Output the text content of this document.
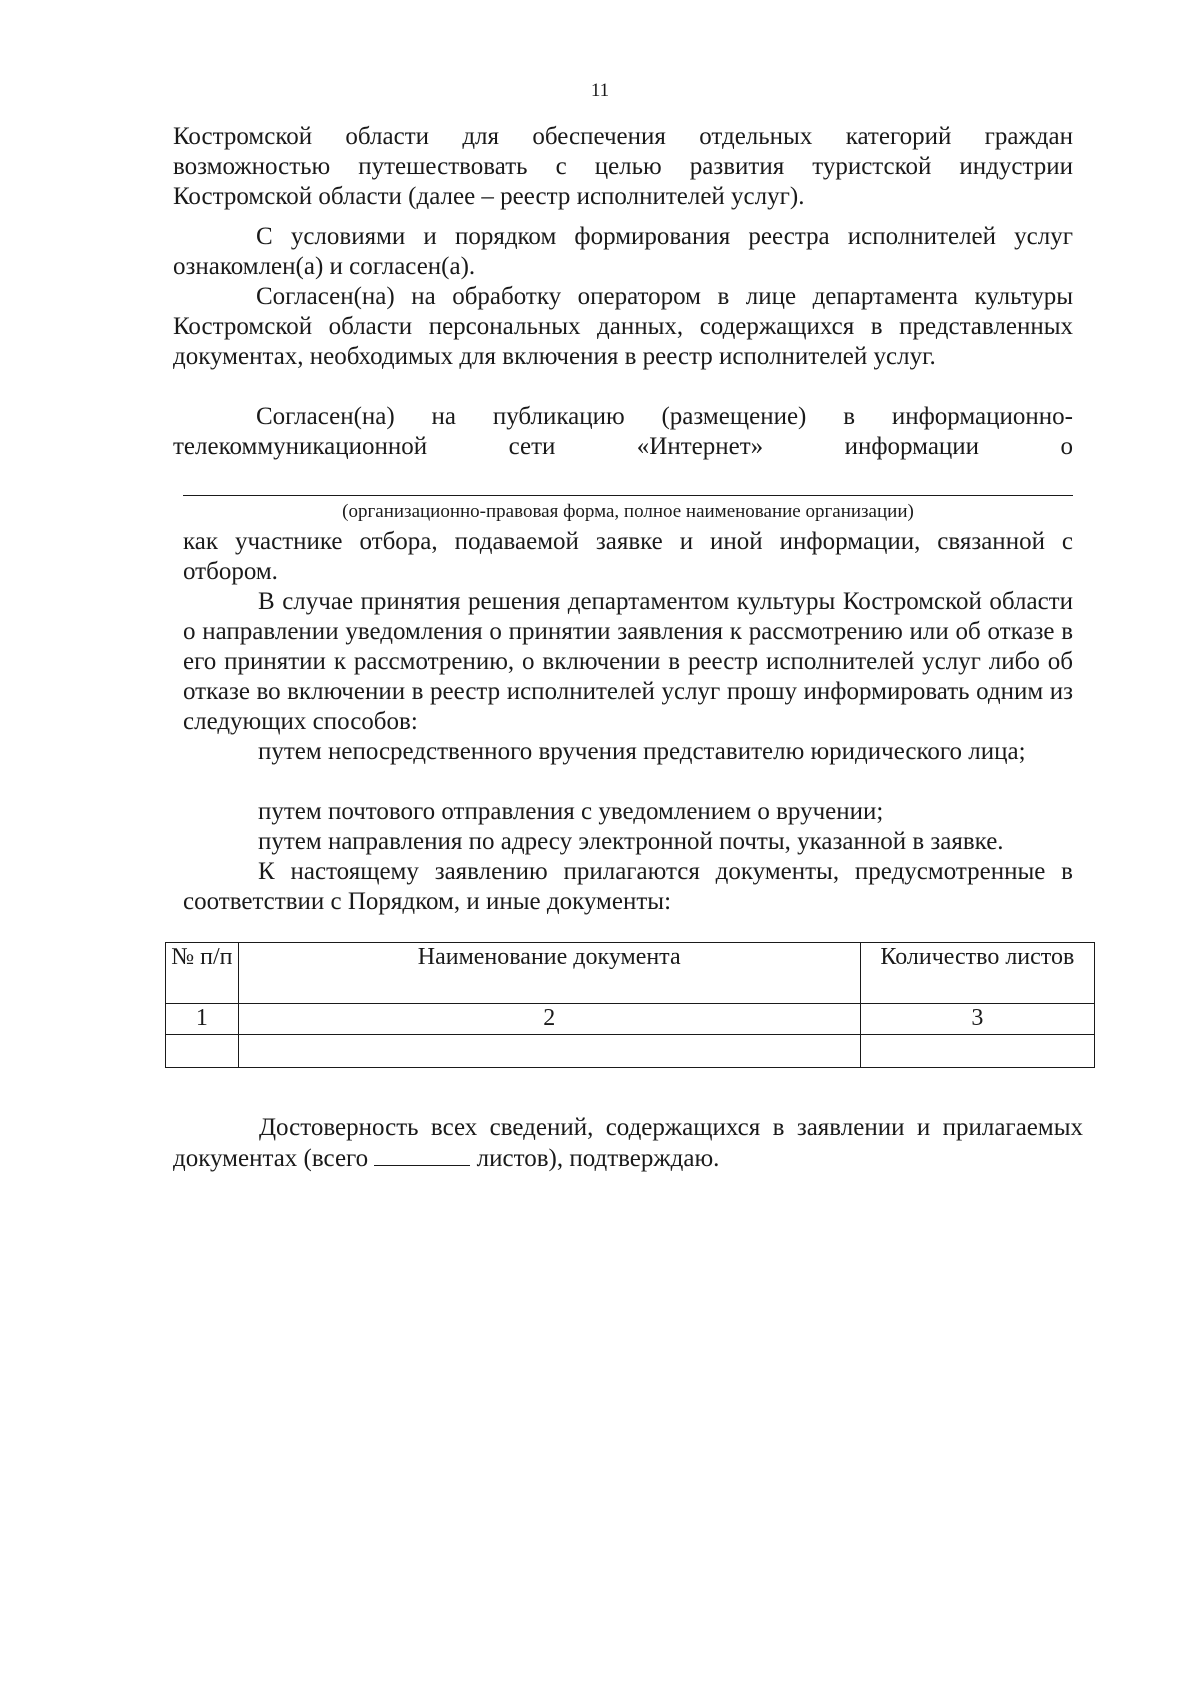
11

Костромской области для обеспечения отдельных категорий граждан возможностью путешествовать с целью развития туристской индустрии Костромской области (далее – реестр исполнителей услуг).

С условиями и порядком формирования реестра исполнителей услуг ознакомлен(а) и согласен(а).

Согласен(на) на обработку оператором в лице департамента культуры Костромской области персональных данных, содержащихся в представленных документах, необходимых для включения в реестр исполнителей услуг.

Согласен(на) на публикацию (размещение) в информационно-телекоммуникационной сети «Интернет» информации о

(организационно-правовая форма, полное наименование организации)

как участнике отбора, подаваемой заявке и иной информации, связанной с отбором.

В случае принятия решения департаментом культуры Костромской области о направлении уведомления о принятии заявления к рассмотрению или об отказе в его принятии к рассмотрению, о включении в реестр исполнителей услуг либо об отказе во включении в реестр исполнителей услуг прошу информировать одним из следующих способов:

путем непосредственного вручения представителю юридического лица;

путем почтового отправления с уведомлением о вручении;

путем направления по адресу электронной почты, указанной в заявке.

К настоящему заявлению прилагаются документы, предусмотренные в соответствии с Порядком, и иные документы:

№ п/п	Наименование документа	Количество листов
1	2	3

Достоверность всех сведений, содержащихся в заявлении и прилагаемых документах (всего	листов), подтверждаю.
